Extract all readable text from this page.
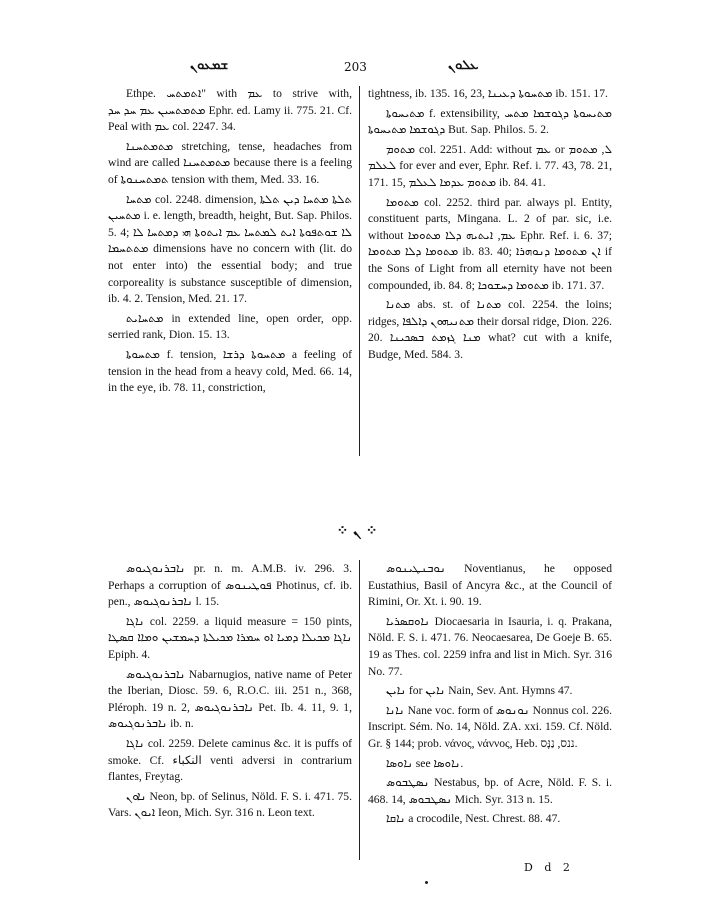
ܫܡܥܘܢ	203	ܥܠܘܢ

Ethpe. ܐܬܡܬܚ" with ܥܡ to strive with, ܡܬܡܬܚܝܢ ܥܡ ܚܕ ܚܕ Ephr. ed. Lamy ii. 775. 21. Cf. Peal with ܥܡ col. 2247. 34.

ܡܬܡܬܚܢܐ stretching, tense, headaches from wind are called ܡܬܡܬܚܢܐ because there is a feeling of ܬܡܬܚܢܘܬܐ tension with them, Med. 33. 16.

ܡܬܚܐ col. 2248. dimension, ܬܠܬܐ ܡܬܚܐ ܕܝܢ ܬܠܬܐ ܡܬܚܝܢ i. e. length, breadth, height, But. Sap. Philos. 5. 4; ܠܐ ܫܘܬܦܘܬܐ ܐܝܬ ܠܡܬܚܐ ܥܡ ܐܝܬܘܬܐ ܗܝ ܕܡܬܚܐ ܠܐ ܡܬܬܚܡܐ dimensions have no concern with (lit. do not enter into) the essential body; and true corporeality is substance susceptible of dimension, ib. 4. 2. Tension, Med. 21. 17.

ܡܬܚܐܝܬ in extended line, open order, opp. serried rank, Dion. 15. 13.

ܡܬܚܘܬܐ f. tension, ܡܬܚܘܬܐ ܕܪܫܐ a feeling of tension in the head from a heavy cold, Med. 66. 14, in the eye, ib. 78. 11, constriction,

tightness, ib. 135. 16, 23, ܡܬܚܘܬܐ ܕܥܝܢܐ ib. 151. 17.

ܡܬܝܚܘܬܐ f. extensibility, ܡܬܝܚܘܬܐ ܕܓܘܫܡܐ ܡܬܚ ܕܓܘܫܡܐ ܡܬܝܚܘܬܐ But. Sap. Philos. 5. 2.

ܡܬܘܡ col. 2251. Add: without ܥܡ or ܠ, ܡܬܘܡ ܠܥܠܡ for ever and ever, Ephr. Ref. i. 77. 43, 78. 21, 171. 15, ܡܬܘܡ ܥܕܡܐ ܠܥܠܡ ib. 84. 41.

ܡܬܘܡܐ col. 2252. third par. always pl. Entity, constituent parts, Mingana. L. 2 of par. sic, i.e. without ܥܡ, ܐܝܬܝܗ ܕܠܐ ܡܬܘܡܐ Ephr. Ref. i. 6. 37; ܡܬܘܡܐ ܕܠܐ ܡܬܘܡܐ ib. 83. 40; ܐܢ ܡܬܘܡܐ ܕܢܘܗܪܐ if the Sons of Light from all eternity have not been compounded, ib. 84. 8; ܡܬܘܡܐ ܕܚܫܘܟܐ ib. 171. 37.

ܡܬܢܐ abs. st. of ܡܬܢܐ col. 2254. the loins; ridges, ܡܬܢܝܗܘܢ ܕܐܠܦܐ their dorsal ridge, Dion. 226. 20. ܡܢܐ ܓܙܡܬ ܒܣܟܝܢܐ what? cut with a knife, Budge, Med. 584. 3.

⁘ ܢ ⁘

ܢܐܒܪܢܘܓܝܘܣ pr. n. m. A.M.B. iv. 296. 3. Perhaps a corruption of ܦܘܛܝܢܘܣ Photinus, cf. ib. pen., ܢܐܒܪܢܘܓܝܘܣ l. 15.

ܢܐܓܐ col. 2259. a liquid measure = 150 pints, ܢܐܓܐ ܡܟܝܠܐ ܕܡܝܐ ܐܘ ܚܡܪܐ ܡܟܝܠܬܐ ܕܚܡܫܝܢ ܘܡܐܐ ܩܣܛܐ Epiph. 4.

ܢܐܒܪܢܘܓܝܘܣ Nabarnugios, native name of Peter the Iberian, Diosc. 59. 6, R.O.C. iii. 251 n., 368, Pléroph. 19 n. 2, ܢܐܒܪܢܘܓܝܘܣ Pet. Ib. 4. 11, 9. 1, ܢܐܒܪܢܘܓܝܘܣ ib. n.

ܢܐܓܐ col. 2259. Delete caminus &c. it is puffs of smoke. Cf. النكباء venti adversi in contrarium flantes, Freytag.

ܢܐܘܢ Neon, bp. of Selinus, Nöld. F. S. i. 471. 75. Vars. ܐܝܘܢ Ieon, Mich. Syr. 316 n. Leon text.

ܢܘܒܢܛܝܢܘܣ Noventianus, he opposed Eustathius, Basil of Ancyra &c., at the Council of Rimini, Or. Xt. i. 90. 19.

ܢܐܘܩܣܪܝܐ Diocaesaria in Isauria, i. q. Prakana, Nöld. F. S. i. 471. 76. Neocaesarea, De Goeje B. 65. 19 as Thes. col. 2259 infra and list in Mich. Syr. 316 No. 77.

ܢܐܝܢ for ܢܐܝܢ Nain, Sev. Ant. Hymns 47.

ܢܐܢܐ Nane voc. form of ܢܘܢܘܣ Nonnus col. 226. Inscript. Sém. No. 14, Nöld. ZA. xxi. 159. Cf. Nöld. Gr. § 144; prob. νάνος, νάννος, Heb. ננס, נַנָּס.

ܢܐܘܣܐ see ܢܐܘܣܐ.

ܢܣܛܒܘܣ Nestabus, bp. of Acre, Nöld. F. S. i. 468. 14, ܢܣܛܒܘܣ Mich. Syr. 313 n. 15.

ܢܐܩܐ a crocodile, Nest. Chrest. 88. 47.

D d 2
